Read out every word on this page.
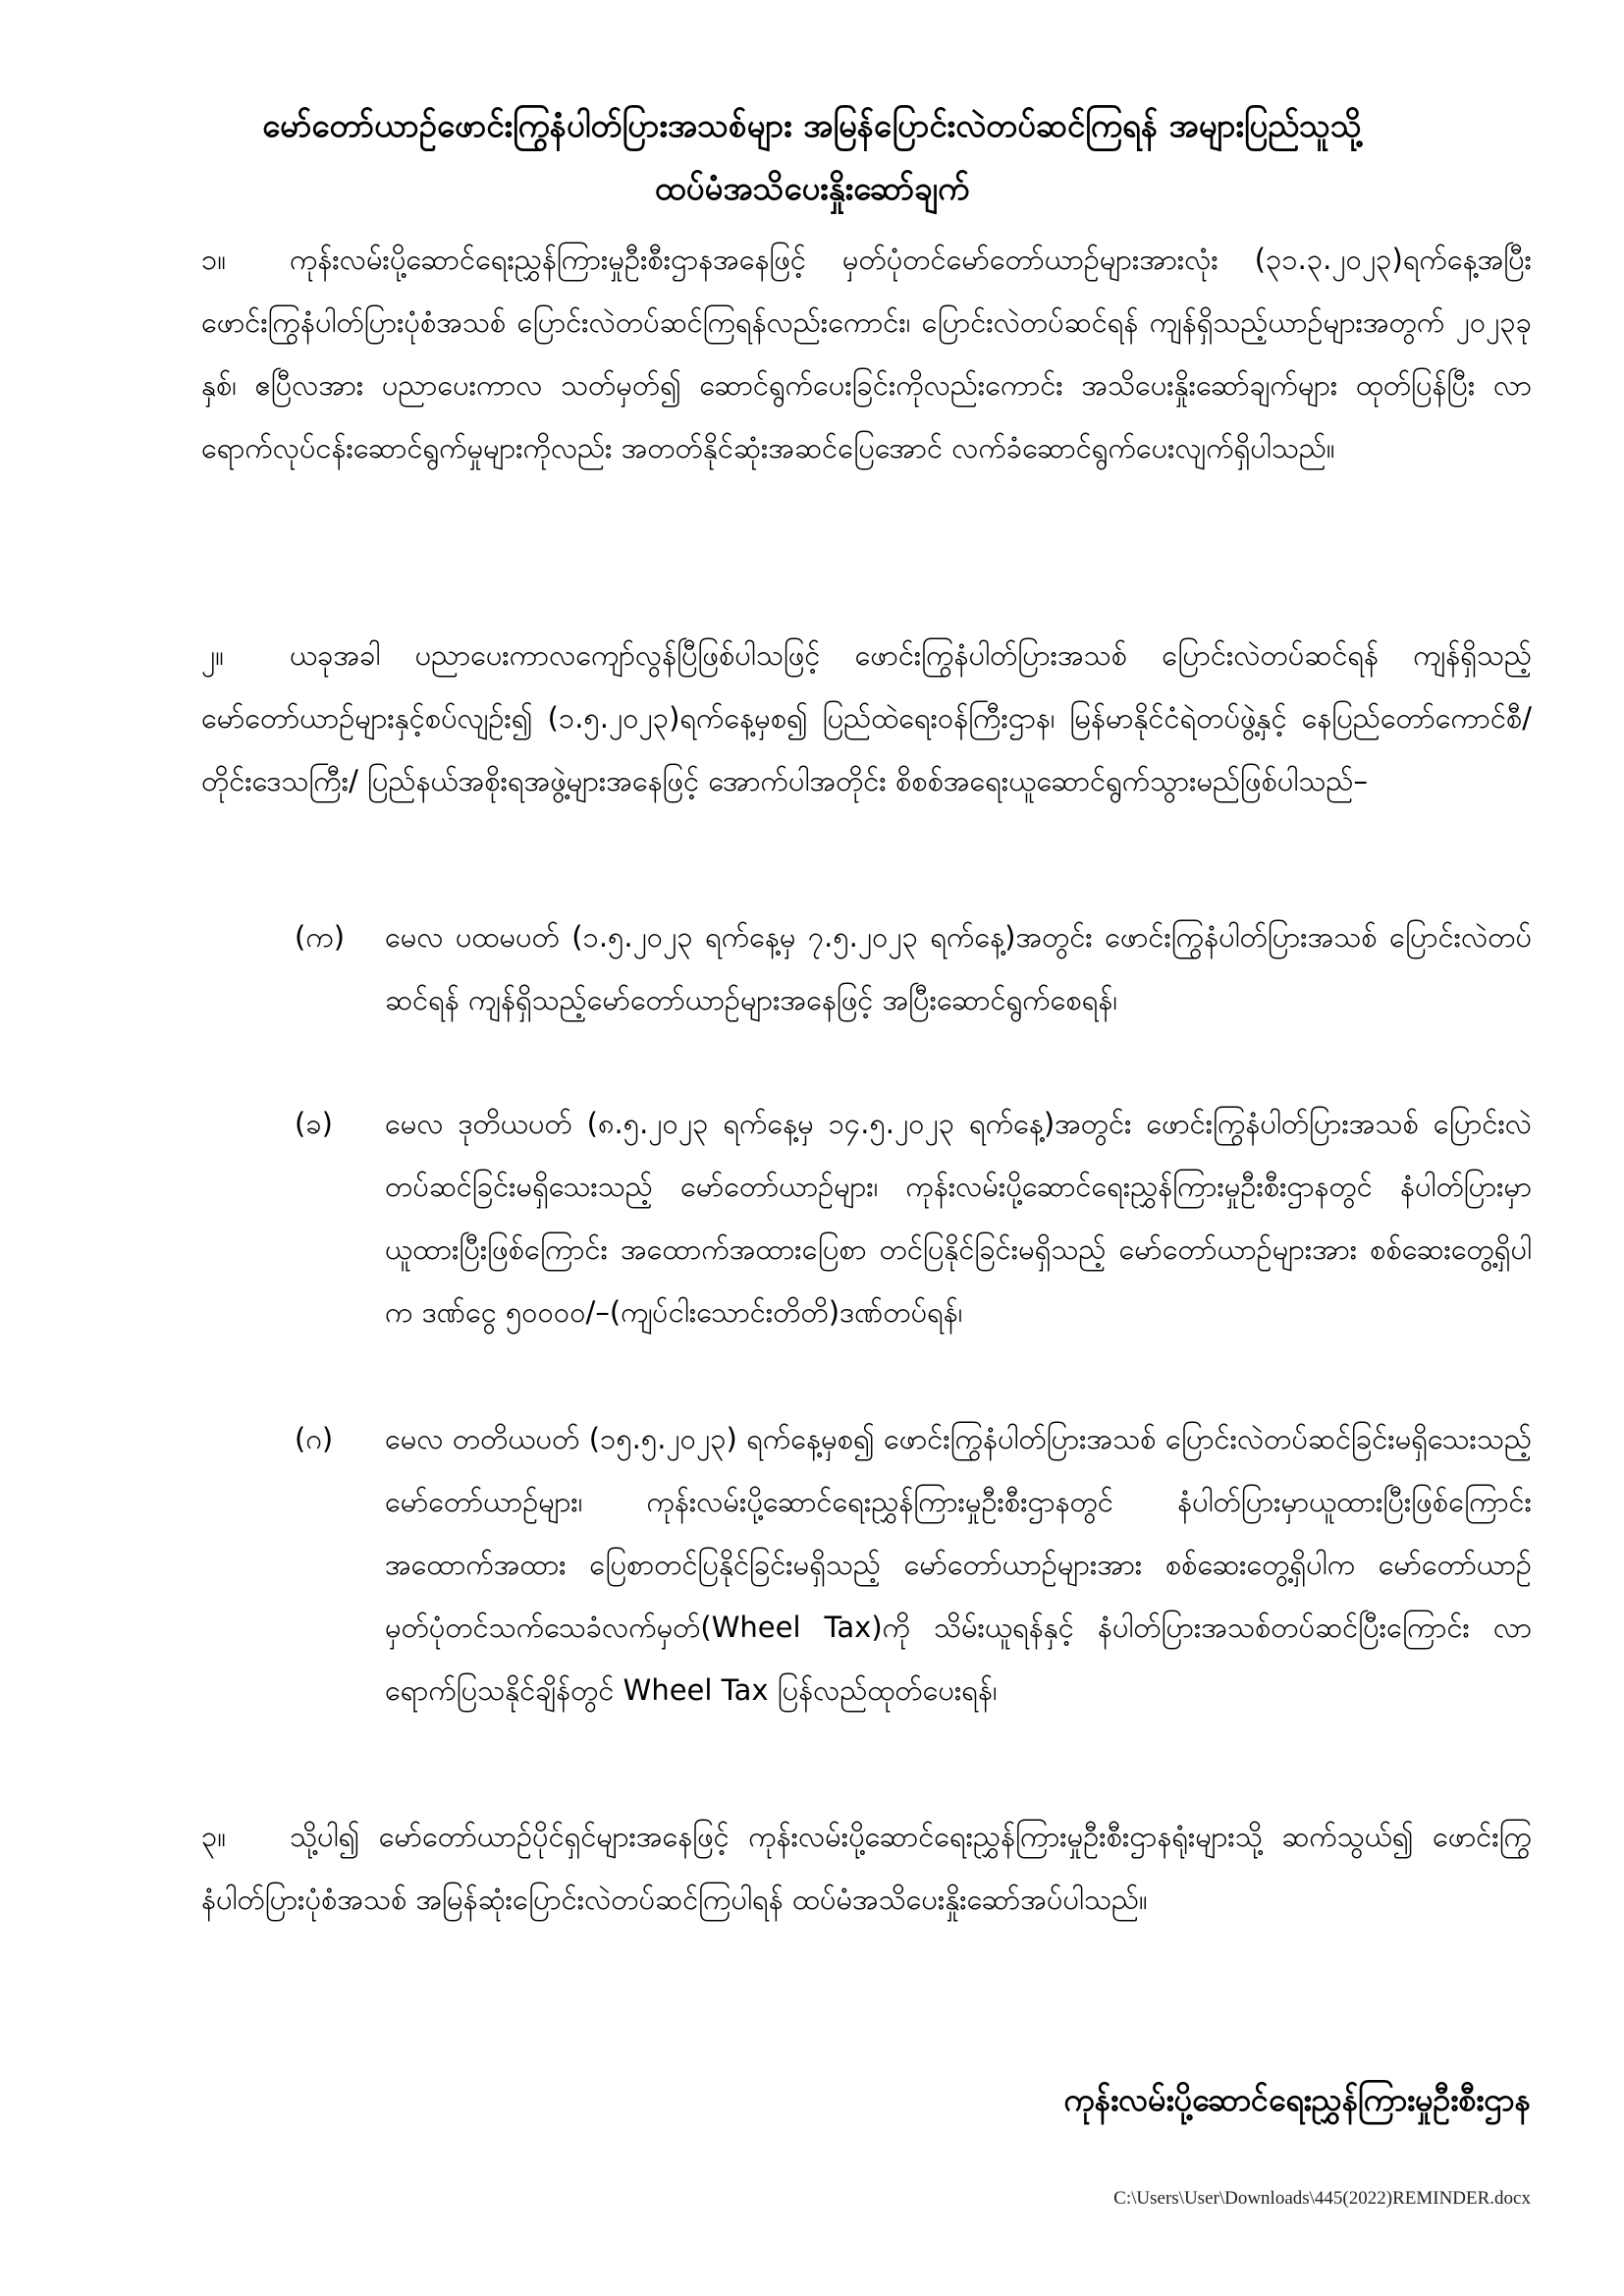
မော်တော်ယာဉ်ဖောင်းကြွနံပါတ်ပြားအသစ်များ အမြန်ပြောင်းလဲတပ်ဆင်ကြရန် အများပြည်သူသို့
ထပ်မံအသိပေးနှိုးဆော်ချက်
၁။ ကုန်းလမ်းပို့ဆောင်ရေးညွှန်ကြားမှုဦးစီးဌာနအနေဖြင့် မှတ်ပုံတင်မော်တော်ယာဉ်များအားလုံး (၃၁.၃.၂၀၂၃)ရက်နေ့အပြီး ဖောင်းကြွနံပါတ်ပြားပုံစံအသစ် ပြောင်းလဲတပ်ဆင်ကြရန်လည်းကောင်း၊ ပြောင်းလဲတပ်ဆင်ရန် ကျန်ရှိသည့်ယာဉ်များအတွက် ၂၀၂၃ခုနှစ်၊ ဧပြီလအား ပညာပေးကာလ သတ်မှတ်၍ ဆောင်ရွက်ပေးခြင်းကိုလည်းကောင်း အသိပေးနှိုးဆော်ချက်များ ထုတ်ပြန်ပြီး လာရောက်လုပ်ငန်းဆောင်ရွက်မှုများကိုလည်း အတတ်နိုင်ဆုံးအဆင်ပြေအောင် လက်ခံဆောင်ရွက်ပေးလျက်ရှိပါသည်။
၂။ ယခုအခါ ပညာပေးကာလကျော်လွန်ပြီဖြစ်ပါသဖြင့် ဖောင်းကြွနံပါတ်ပြားအသစ် ပြောင်းလဲတပ်ဆင်ရန် ကျန်ရှိသည့်မော်တော်ယာဉ်များနှင့်စပ်လျဉ်း၍ (၁.၅.၂၀၂၃)ရက်နေ့မှစ၍ ပြည်ထဲရေးဝန်ကြီးဌာန၊ မြန်မာနိုင်ငံရဲတပ်ဖွဲ့နှင့် နေပြည်တော်ကောင်စီ/ တိုင်းဒေသကြီး/ ပြည်နယ်အစိုးရအဖွဲ့များအနေဖြင့် အောက်ပါအတိုင်း စိစစ်အရေးယူဆောင်ရွက်သွားမည်ဖြစ်ပါသည်–
(က)	မေလ ပထမပတ် (၁.၅.၂၀၂၃ ရက်နေ့မှ ၇.၅.၂၀၂၃ ရက်နေ့)အတွင်း ဖောင်းကြွနံပါတ်ပြားအသစ် ပြောင်းလဲတပ်ဆင်ရန် ကျန်ရှိသည့်မော်တော်ယာဉ်များအနေဖြင့် အပြီးဆောင်ရွက်စေရန်၊
(ခ)	မေလ ဒုတိယပတ် (၈.၅.၂၀၂၃ ရက်နေ့မှ ၁၄.၅.၂၀၂၃ ရက်နေ့)အတွင်း ဖောင်းကြွနံပါတ်ပြားအသစ် ပြောင်းလဲတပ်ဆင်ခြင်းမရှိသေးသည့် မော်တော်ယာဉ်များ၊ ကုန်းလမ်းပို့ဆောင်ရေးညွှန်ကြားမှုဦးစီးဌာနတွင် နံပါတ်ပြားမှာယူထားပြီးဖြစ်ကြောင်း အထောက်အထားပြေစာ တင်ပြနိုင်ခြင်းမရှိသည့် မော်တော်ယာဉ်များအား စစ်ဆေးတွေ့ရှိပါက ဒဏ်ငွေ ၅၀၀၀၀/–(ကျပ်ငါးသောင်းတိတိ)ဒဏ်တပ်ရန်၊
(ဂ)	မေလ တတိယပတ် (၁၅.၅.၂၀၂၃) ရက်နေ့မှစ၍ ဖောင်းကြွနံပါတ်ပြားအသစ် ပြောင်းလဲတပ်ဆင်ခြင်းမရှိသေးသည့် မော်တော်ယာဉ်များ၊ ကုန်းလမ်းပို့ဆောင်ရေးညွှန်ကြားမှုဦးစီးဌာနတွင် နံပါတ်ပြားမှာယူထားပြီးဖြစ်ကြောင်း အထောက်အထား ပြေစာတင်ပြနိုင်ခြင်းမရှိသည့် မော်တော်ယာဉ်များအား စစ်ဆေးတွေ့ရှိပါက မော်တော်ယာဉ်မှတ်ပုံတင်သက်သေခံလက်မှတ်(Wheel Tax)ကို သိမ်းယူရန်နှင့် နံပါတ်ပြားအသစ်တပ်ဆင်ပြီးကြောင်း လာရောက်ပြသနိုင်ချိန်တွင် Wheel Tax ပြန်လည်ထုတ်ပေးရန်၊
၃။ သို့ပါ၍ မော်တော်ယာဉ်ပိုင်ရှင်များအနေဖြင့် ကုန်းလမ်းပို့ဆောင်ရေးညွှန်ကြားမှုဦးစီးဌာနရုံးများသို့ ဆက်သွယ်၍ ဖောင်းကြွနံပါတ်ပြားပုံစံအသစ် အမြန်ဆုံးပြောင်းလဲတပ်ဆင်ကြပါရန် ထပ်မံအသိပေးနှိုးဆော်အပ်ပါသည်။
ကုန်းလမ်းပို့ဆောင်ရေးညွှန်ကြားမှုဦးစီးဌာန
C:\Users\User\Downloads\445(2022)REMINDER.docx
